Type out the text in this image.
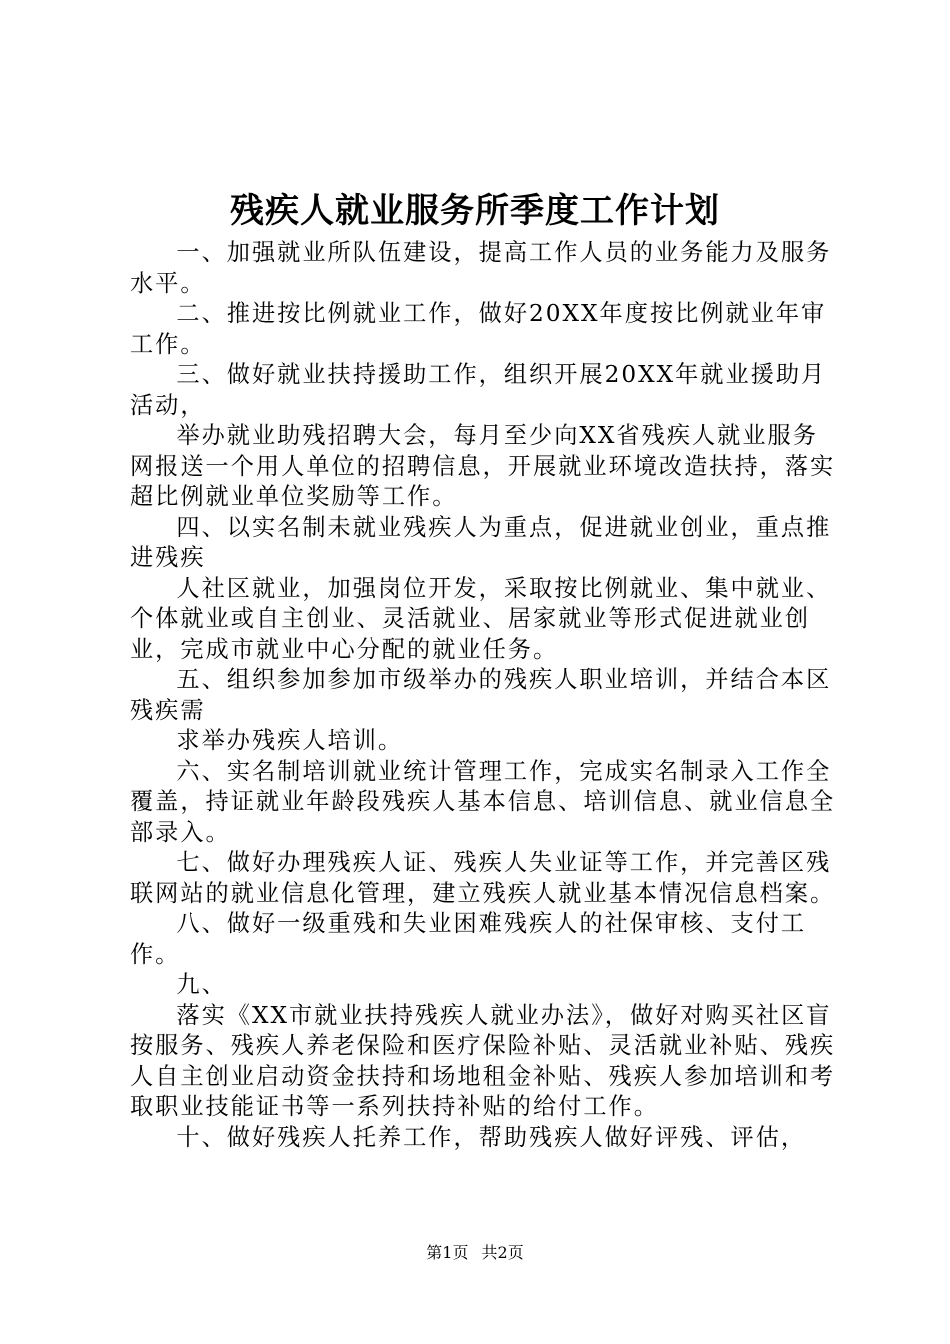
残疾人就业服务所季度工作计划

一、加强就业所队伍建设，提高工作人员的业务能力及服务水平。

二、推进按比例就业工作，做好20XX年度按比例就业年审工作。

三、做好就业扶持援助工作，组织开展20XX年就业援助月活动，

举办就业助残招聘大会，每月至少向XX省残疾人就业服务网报送一个用人单位的招聘信息，开展就业环境改造扶持，落实超比例就业单位奖励等工作。

四、以实名制未就业残疾人为重点，促进就业创业，重点推进残疾

人社区就业，加强岗位开发，采取按比例就业、集中就业、个体就业或自主创业、灵活就业、居家就业等形式促进就业创业，完成市就业中心分配的就业任务。

五、组织参加参加市级举办的残疾人职业培训，并结合本区残疾需

求举办残疾人培训。

六、实名制培训就业统计管理工作，完成实名制录入工作全覆盖，持证就业年龄段残疾人基本信息、培训信息、就业信息全部录入。

七、做好办理残疾人证、残疾人失业证等工作，并完善区残联网站的就业信息化管理，建立残疾人就业基本情况信息档案。

八、做好一级重残和失业困难残疾人的社保审核、支付工作。

九、

落实《XX市就业扶持残疾人就业办法》，做好对购买社区盲按服务、残疾人养老保险和医疗保险补贴、灵活就业补贴、残疾人自主创业启动资金扶持和场地租金补贴、残疾人参加培训和考取职业技能证书等一系列扶持补贴的给付工作。

十、做好残疾人托养工作，帮助残疾人做好评残、评估，

第1页 共2页
